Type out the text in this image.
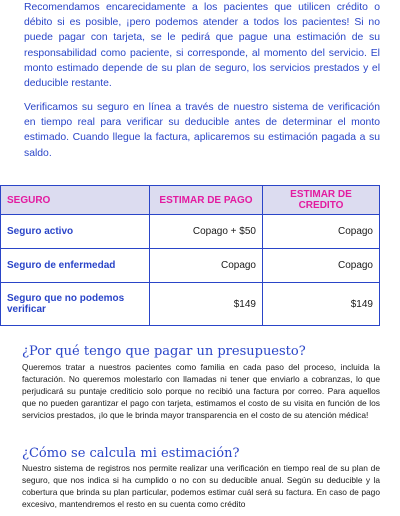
Recomendamos encarecidamente a los pacientes que utilicen crédito o débito si es posible, ¡pero podemos atender a todos los pacientes! Si no puede pagar con tarjeta, se le pedirá que pague una estimación de su responsabilidad como paciente, si corresponde, al momento del servicio. El monto estimado depende de su plan de seguro, los servicios prestados y el deducible restante.

Verificamos su seguro en línea a través de nuestro sistema de verificación en tiempo real para verificar su deducible antes de determinar el monto estimado. Cuando llegue la factura, aplicaremos su estimación pagada a su saldo.

SEGURO	ESTIMAR DE PAGO	ESTIMAR DE CREDITO
Seguro activo	Copago + $50	Copago
Seguro de enfermedad	Copago	Copago
Seguro que no podemos verificar	$149	$149
¿Por qué tengo que pagar un presupuesto?

Queremos tratar a nuestros pacientes como familia en cada paso del proceso, incluida la facturación. No queremos molestarlo con llamadas ni tener que enviarlo a cobranzas, lo que perjudicará su puntaje crediticio solo porque no recibió una factura por correo. Para aquellos que no pueden garantizar el pago con tarjeta, estimamos el costo de su visita en función de los servicios prestados, ¡lo que le brinda mayor transparencia en el costo de su atención médica!

¿Cómo se calcula mi estimación?

Nuestro sistema de registros nos permite realizar una verificación en tiempo real de su plan de seguro, que nos indica si ha cumplido o no con su deducible anual. Según su deducible y la cobertura que brinda su plan particular, podemos estimar cuál será su factura. En caso de pago excesivo, mantendremos el resto en su cuenta como crédito
